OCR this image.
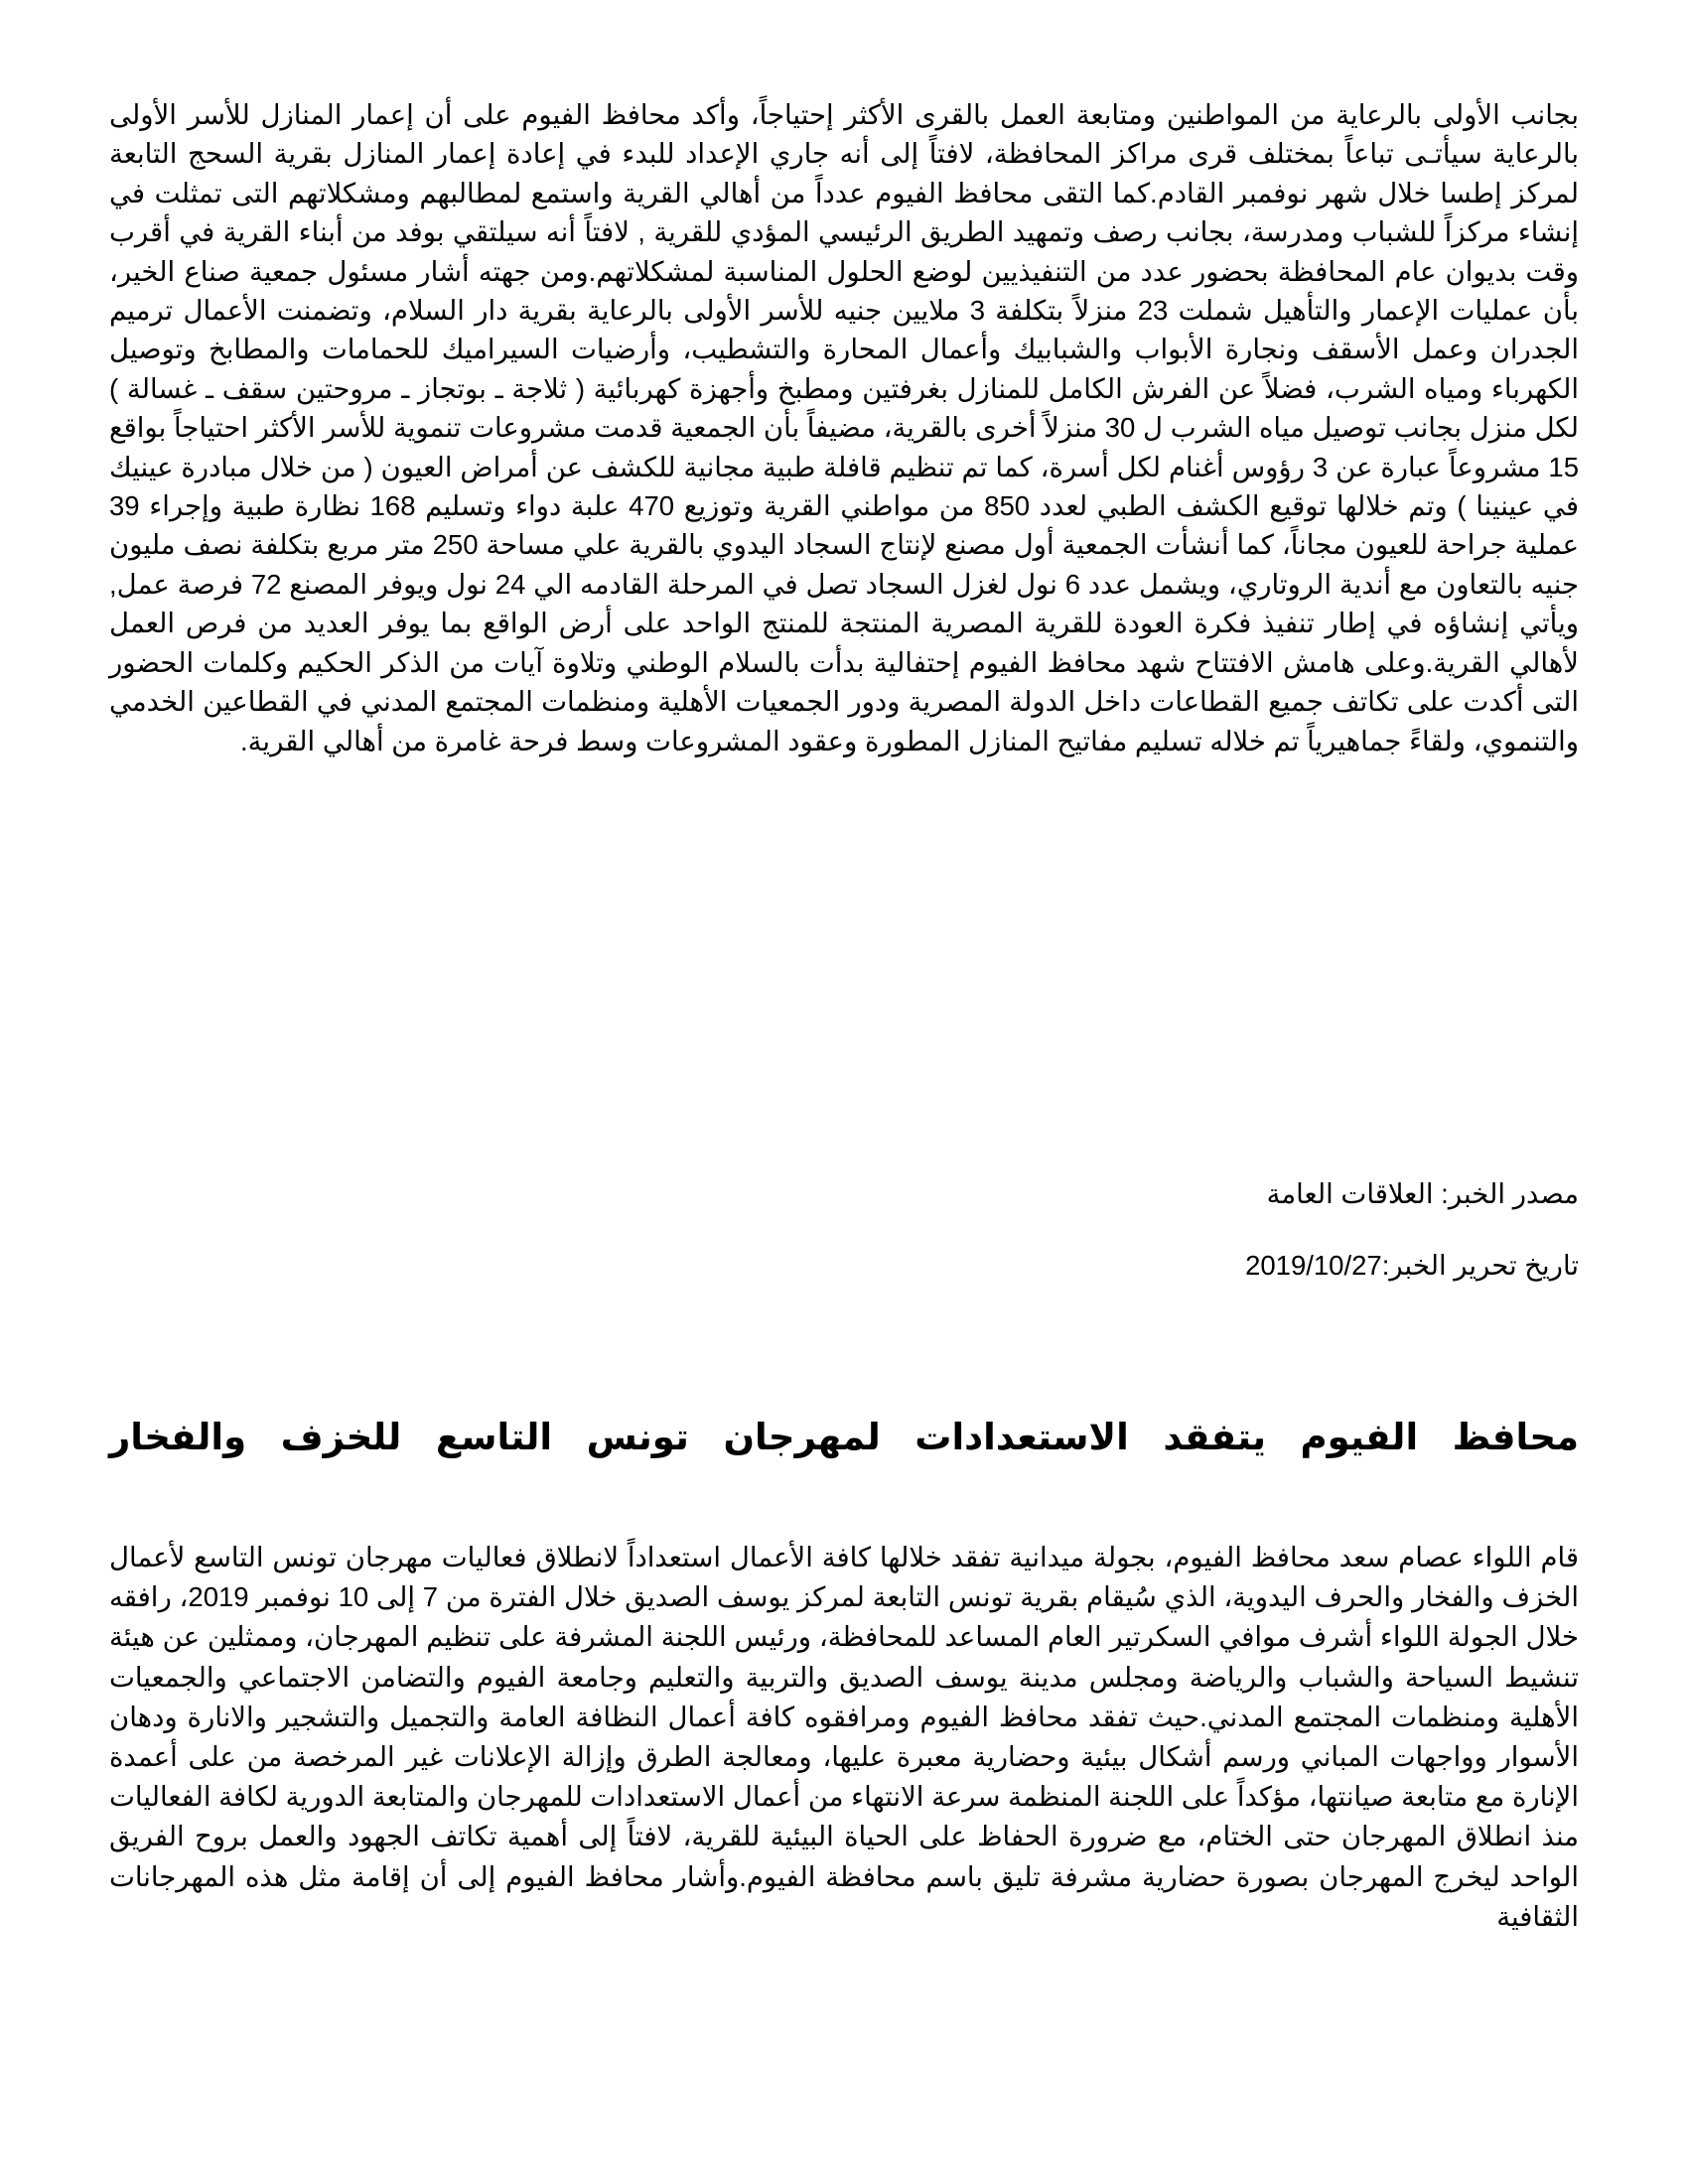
بجانب الأولى بالرعاية من المواطنين ومتابعة العمل بالقرى الأكثر إحتياجاً، وأكد محافظ الفيوم على أن إعمار المنازل للأسر الأولى بالرعاية سيأتـى تباعاً بمختلف قرى مراكز المحافظة، لافتاً إلى أنه جاري الإعداد للبدء في إعادة إعمار المنازل بقرية السحج التابعة لمركز إطسا خلال شهر نوفمبر القادم.كما التقى محافظ الفيوم عدداً من أهالي القرية واستمع لمطالبهم ومشكلاتهم التى تمثلت في إنشاء مركزاً للشباب ومدرسة، بجانب رصف وتمهيد الطريق الرئيسي المؤدي للقرية , لافتاً أنه سيلتقي بوفد من أبناء القرية في أقرب وقت بديوان عام المحافظة بحضور عدد من التنفيذيين لوضع الحلول المناسبة لمشكلاتهم.ومن جهته أشار مسئول جمعية صناع الخير، بأن عمليات الإعمار والتأهيل شملت 23 منزلاً بتكلفة 3 ملايين جنيه للأسر الأولى بالرعاية بقرية دار السلام، وتضمنت الأعمال ترميم الجدران وعمل الأسقف ونجارة الأبواب والشبابيك وأعمال المحارة والتشطيب، وأرضيات السيراميك للحمامات والمطابخ وتوصيل الكهرباء ومياه الشرب، فضلاً عن الفرش الكامل للمنازل بغرفتين ومطبخ وأجهزة كهربائية ( ثلاجة ـ بوتجاز ـ مروحتين سقف ـ غسالة ) لكل منزل بجانب توصيل مياه الشرب ل 30 منزلاً أخرى بالقرية، مضيفاً بأن الجمعية قدمت مشروعات تنموية للأسر الأكثر احتياجاً بواقع 15 مشروعاً عبارة عن 3 رؤوس أغنام لكل أسرة، كما تم تنظيم قافلة طبية مجانية للكشف عن أمراض العيون ( من خلال مبادرة عينيك في عينينا ) وتم خلالها توقيع الكشف الطبي لعدد 850 من مواطني القرية وتوزيع 470 علبة دواء وتسليم 168 نظارة طبية وإجراء 39 عملية جراحة للعيون مجاناً، كما أنشأت الجمعية أول مصنع لإنتاج السجاد اليدوي بالقرية علي مساحة 250 متر مربع بتكلفة نصف مليون جنيه بالتعاون مع أندية الروتاري، ويشمل عدد 6 نول لغزل السجاد تصل في المرحلة القادمه الي 24 نول ويوفر المصنع 72 فرصة عمل, ويأتي إنشاؤه في إطار تنفيذ فكرة العودة للقرية المصرية المنتجة للمنتج الواحد على أرض الواقع بما يوفر العديد من فرص العمل لأهالي القرية.وعلى هامش الافتتاح شهد محافظ الفيوم إحتفالية بدأت بالسلام الوطني وتلاوة آيات من الذكر الحكيم وكلمات الحضور التى أكدت على تكاتف جميع القطاعات داخل الدولة المصرية ودور الجمعيات الأهلية ومنظمات المجتمع المدني في القطاعين الخدمي والتنموي، ولقاءً جماهيرياً تم خلاله تسليم مفاتيح المنازل المطورة وعقود المشروعات وسط فرحة غامرة من أهالي القرية.

مصدر الخبر: العلاقات العامة

تاريخ تحرير الخبر:2019/10/27

محافظ الفيوم يتفقد الاستعدادات لمهرجان تونس التاسع للخزف والفخار

قام اللواء عصام سعد محافظ الفيوم، بجولة ميدانية تفقد خلالها كافة الأعمال استعداداً لانطلاق فعاليات مهرجان تونس التاسع لأعمال الخزف والفخار والحرف اليدوية، الذي سُيقام بقرية تونس التابعة لمركز يوسف الصديق خلال الفترة من 7 إلى 10 نوفمبر 2019، رافقه خلال الجولة اللواء أشرف موافي السكرتير العام المساعد للمحافظة، ورئيس اللجنة المشرفة على تنظيم المهرجان، وممثلين عن هيئة تنشيط السياحة والشباب والرياضة ومجلس مدينة يوسف الصديق والتربية والتعليم وجامعة الفيوم والتضامن الاجتماعي والجمعيات الأهلية ومنظمات المجتمع المدني.حيث تفقد محافظ الفيوم ومرافقوه كافة أعمال النظافة العامة والتجميل والتشجير والانارة ودهان الأسوار وواجهات المباني ورسم أشكال بيئية وحضارية معبرة عليها، ومعالجة الطرق وإزالة الإعلانات غير المرخصة من على أعمدة الإنارة مع متابعة صيانتها، مؤكداً على اللجنة المنظمة سرعة الانتهاء من أعمال الاستعدادات للمهرجان والمتابعة الدورية لكافة الفعاليات منذ انطلاق المهرجان حتى الختام، مع ضرورة الحفاظ على الحياة البيئية للقرية، لافتاً إلى أهمية تكاتف الجهود والعمل بروح الفريق الواحد ليخرج المهرجان بصورة حضارية مشرفة تليق باسم محافظة الفيوم.وأشار محافظ الفيوم إلى أن إقامة مثل هذه المهرجانات الثقافية
